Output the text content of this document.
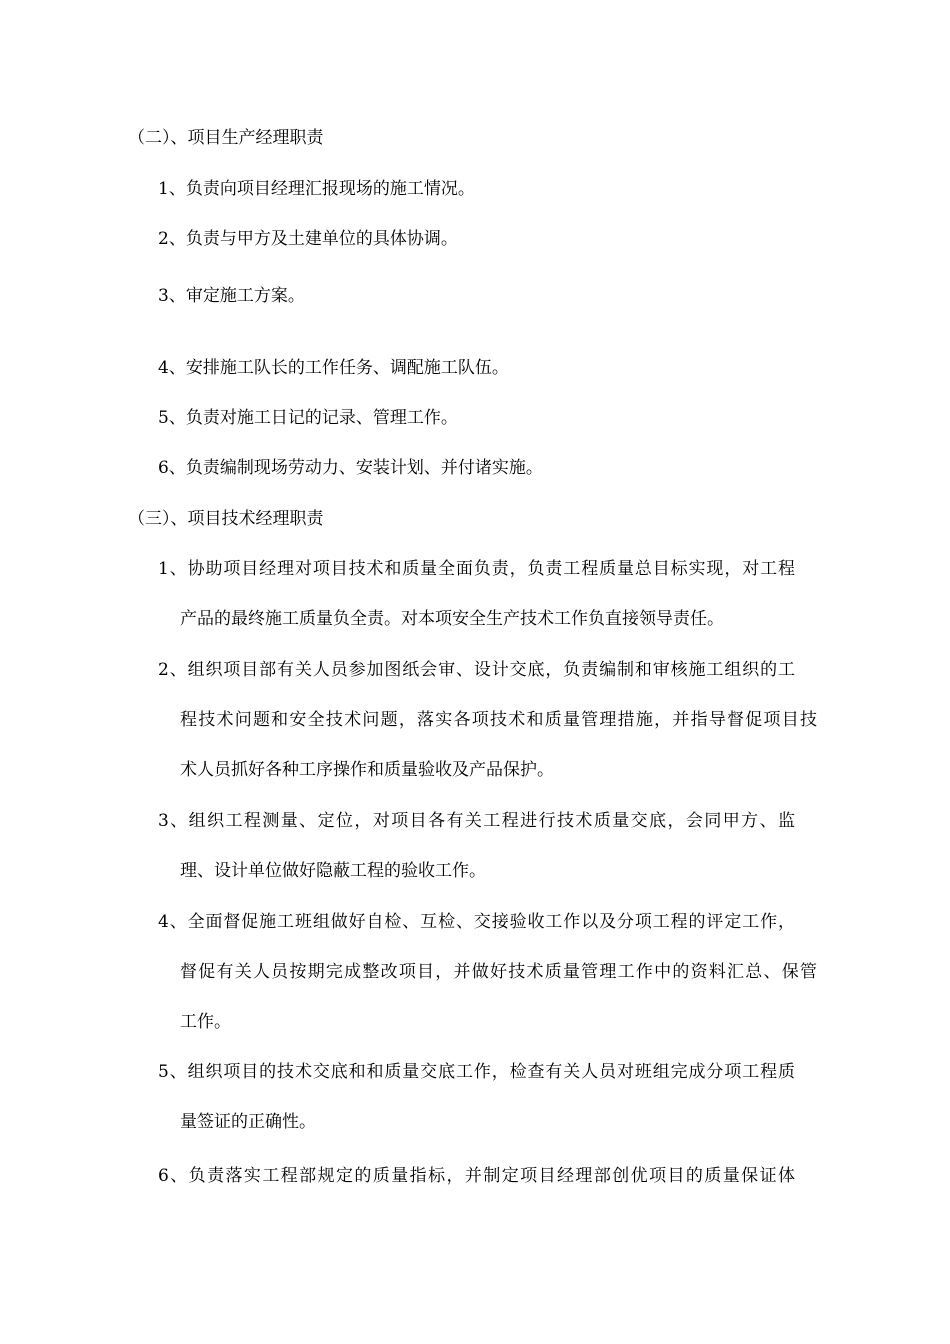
（二）、项目生产经理职责
1、负责向项目经理汇报现场的施工情况。
2、负责与甲方及土建单位的具体协调。
3、审定施工方案。
4、安排施工队长的工作任务、调配施工队伍。
5、负责对施工日记的记录、管理工作。
6、负责编制现场劳动力、安装计划、并付诸实施。
（三）、项目技术经理职责
1、协助项目经理对项目技术和质量全面负责，负责工程质量总目标实现，对工程
产品的最终施工质量负全责。对本项安全生产技术工作负直接领导责任。
2、组织项目部有关人员参加图纸会审、设计交底，负责编制和审核施工组织的工
程技术问题和安全技术问题，落实各项技术和质量管理措施，并指导督促项目技
术人员抓好各种工序操作和质量验收及产品保护。
3、组织工程测量、定位，对项目各有关工程进行技术质量交底，会同甲方、监
理、设计单位做好隐蔽工程的验收工作。
4、全面督促施工班组做好自检、互检、交接验收工作以及分项工程的评定工作，
督促有关人员按期完成整改项目，并做好技术质量管理工作中的资料汇总、保管
工作。
5、组织项目的技术交底和和质量交底工作，检查有关人员对班组完成分项工程质
量签证的正确性。
6、负责落实工程部规定的质量指标，并制定项目经理部创优项目的质量保证体
